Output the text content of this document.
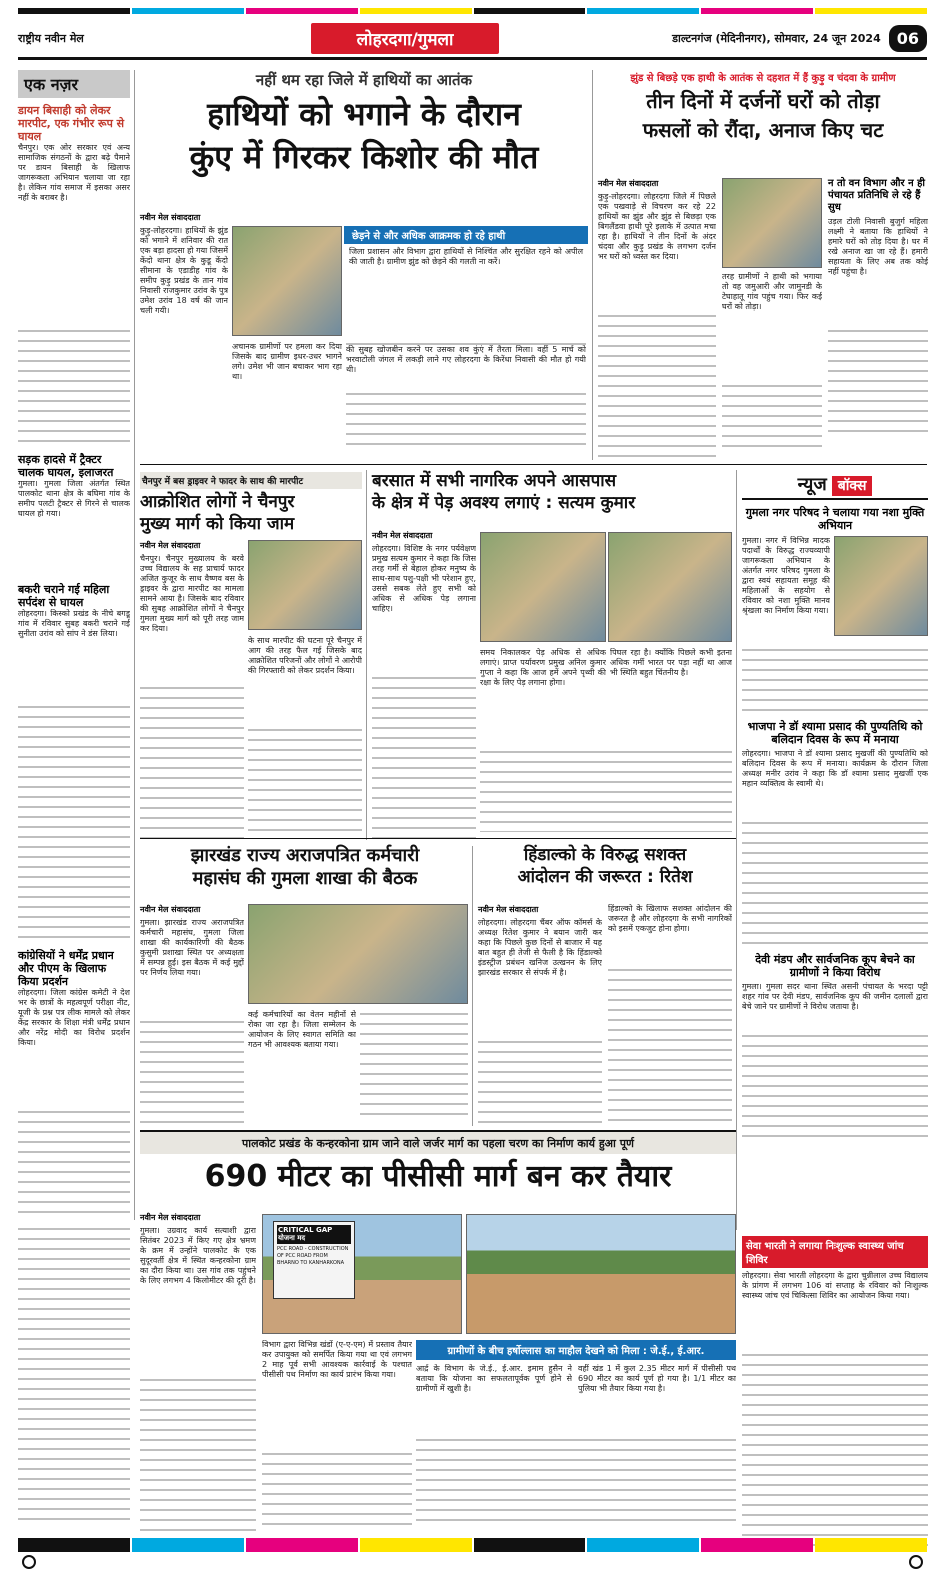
राष्ट्रीय नवीन मेल	लोहरदगा/गुमला	डाल्टनगंज (मेदिनीनगर), सोमवार, 24 जून 2024	06
एक नज़र
डायन बिसाही को लेकर मारपीट, एक गंभीर रूप से घायल
चैनपुर। एक ओर सरकार एवं अन्य सामाजिक संगठनों के द्वारा बढ़े पैमाने पर डायन बिसाही के खिलाफ जागरूकता अभियान चलाया जा रहा है। लेकिन गांव समाज में इसका असर नहीं के बराबर है।
सड़क हादसे में ट्रैक्टर चालक घायल, इलाजरत
गुमला। गुमला जिला अंतर्गत स्थित पालकोट थाना क्षेत्र के बघिमा गांव के समीप पलटी ट्रैक्टर से गिरने से चालक घायल हो गया।
बकरी चराने गई महिला सर्पदंश से घायल
लोहरदगा। किस्को प्रखंड के नीचे बगडू गांव में रविवार सुबह बकरी चराने गई सुनीता उरांव को सांप ने डंस लिया।
कांग्रेसियों ने धर्मेंद्र प्रधान और पीएम के खिलाफ किया प्रदर्शन
लोहरदगा। जिला कांग्रेस कमेटी ने देश भर के छात्रों के महत्वपूर्ण परीक्षा नीट, यूजी के प्रश्न पत्र लीक मामले को लेकर केंद्र सरकार के शिक्षा मंत्री धर्मेंद्र प्रधान और नरेंद्र मोदी का विरोध प्रदर्शन किया।
नहीं थम रहा जिले में हाथियों का आतंक
हाथियों को भगाने के दौरान
कुंए में गिरकर किशोर की मौत
नवीन मेल संवाददाता
कुड़ु-लोहरदगा। हाथियों के झुंड को भगाने में शनिवार की रात एक बड़ा हादसा हो गया जिसमें केंदो थाना क्षेत्र के कुडू केंदो सीमाना के एडाडीह गांव के समीप कुड़ु प्रखंड के तान गांव निवासी राजकुमार उरांव के पुत्र उमेश उरांव 18 वर्ष की जान चली गयी।
छेड़ने से और अधिक आक्रमक हो रहे हाथी
जिला प्रशासन और विभाग द्वारा हाथियों से निश्चिंत और सुरक्षित रहने को अपील की जाती है। ग्रामीण झुंड को छेड़ने की गलती ना करें।
अचानक ग्रामीणों पर हमला कर दिया जिसके बाद ग्रामीण इधर-उधर भागने लगे। उमेश भी जान बचाकर भाग रहा था।
की सुबह खोजबीन करने पर उसका शव कुंएं में तैरता मिला। वहीं 5 मार्च को भरवाटोली जंगल में लकड़ी लाने गए लोहरदगा के किरेंधा निवासी की मौत हो गयी थी।
झुंड से बिछड़े एक हाथी के आतंक से दहशत में हैं कुड़ु व चंदवा के ग्रामीण
तीन दिनों में दर्जनों घरों को तोड़ा
फसलों को रौंदा, अनाज किए चट
नवीन मेल संवाददाता
कुड़ु-लोहरदगा। लोहरदगा जिले में पिछले एक पखवाड़े से विचरण कर रहे 22 हाथियों का झुंड और झुंड से बिछड़ा एक बिगलैंडवा हाथी पूरे इलाके में उत्पात मचा रहा है। हाथियों ने तीन दिनों के अंदर चंदवा और कुड़ु प्रखंड के लगभग दर्जन भर घरों को ध्वस्त कर दिया।
तरह ग्रामीणों ने हाथी को भगाया तो वह जमुआरी और जामुनडी के टेघाहातू गांव पहुंच गया। फिर कई घरों को तोड़ा।
न तो वन विभाग और न ही पंचायत प्रतिनिधि ले रहे हैं सुध
उड़ल टोली निवासी बुजुर्ग महिला लक्ष्मी ने बताया कि हाथियों ने हमारे घरों को तोड़ दिया है। घर में रखे अनाज खा जा रहे हैं। हमारी सहायता के लिए अब तक कोई नहीं पहुंचा है।
चैनपुर में बस ड्राइवर ने फादर के साथ की मारपीट
आक्रोशित लोगों ने चैनपुर
मुख्य मार्ग को किया जाम
नवीन मेल संवाददाता
चैनपुर। चैनपुर मुख्यालय के बरवे उच्च विद्यालय के सह प्राचार्य फादर अजित कुजूर के साथ वैष्णव बस के ड्राइवर के द्वारा मारपीट का मामला सामने आया है। जिसके बाद रविवार की सुबह आक्रोशित लोगों ने चैनपुर गुमला मुख्य मार्ग को पूरी तरह जाम कर दिया।
के साथ मारपीट की घटना पूरे चैनपुर में आग की तरह फैल गई जिसके बाद आक्रोशित परिजनों और लोगों ने आरोपी की गिरफ्तारी को लेकर प्रदर्शन किया।
बरसात में सभी नागरिक अपने आसपास
के क्षेत्र में पेड़ अवश्य लगाएं : सत्यम कुमार
नवीन मेल संवाददाता
लोहरदगा। विशिष्ट के नगर पर्यवेक्षण प्रमुख सत्यम कुमार ने कहा कि जिस तरह गर्मी से बेहाल होकर मनुष्य के साथ-साथ पशु-पक्षी भी परेशान हुए, उससे सबक लेते हुए सभी को अधिक से अधिक पेड़ लगाना चाहिए।
समय निकालकर पेड़ अधिक से अधिक लगाएं। प्राप्त पर्यावरण प्रमुख अनिल कुमार गुप्ता ने कहा कि आज हमें अपने पृथ्वी की रक्षा के लिए पेड़ लगाना होगा।
पिघल रहा है। क्योंकि पिछले कभी इतना अधिक गर्मी भारत पर पड़ा नहीं था आज भी स्थिति बहुत चिंतनीय है।
न्यूज बॉक्स
गुमला नगर परिषद ने चलाया गया नशा मुक्ति अभियान
गुमला। नगर में विभिन्न मादक पदार्थों के विरुद्ध राज्यव्यापी जागरूकता अभियान के अंतर्गत नगर परिषद गुमला के द्वारा स्वयं सहायता समूह की महिलाओं के सहयोग से रविवार को नशा मुक्ति मानव श्रृंखला का निर्माण किया गया।
भाजपा ने डॉ श्यामा प्रसाद की पुण्यतिथि को बलिदान दिवस के रूप में मनाया
लोहरदगा। भाजपा ने डॉ श्यामा प्रसाद मुखर्जी की पुण्यतिथि को बलिदान दिवस के रूप में मनाया। कार्यक्रम के दौरान जिला अध्यक्ष मनीर उरांव ने कहा कि डॉ श्यामा प्रसाद मुखर्जी एक महान व्यक्तित्व के स्वामी थे।
देवी मंडप और सार्वजनिक कूप बेचने का ग्रामीणों ने किया विरोध
गुमला। गुमला सदर थाना स्थित असनी पंचायत के भरदा पट्टी शहर गांव पर देवी मंडप, सार्वजनिक कूप की जमीन दलालों द्वारा बेचे जाने पर ग्रामीणों ने विरोध जताया है।
झारखंड राज्य अराजपत्रित कर्मचारी
महासंघ की गुमला शाखा की बैठक
नवीन मेल संवाददाता
गुमला। झारखंड राज्य अराजपत्रित कर्मचारी महासंघ, गुमला जिला शाखा की कार्यकारिणी की बैठक कुसुमी प्रशाखा स्थित पर अध्यक्षता में सम्पन्न हुई। इस बैठक में कई मुद्दों पर निर्णय लिया गया।
कई कर्मचारियों का वेतन महीनों से रोका जा रहा है। जिला सम्मेलन के आयोजन के लिए स्वागत समिति का गठन भी आवश्यक बताया गया।
हिंडाल्को के विरुद्ध सशक्त
आंदोलन की जरूरत : रितेश
नवीन मेल संवाददाता
लोहरदगा। लोहरदगा चैंबर ऑफ कॉमर्स के अध्यक्ष रितेश कुमार ने बयान जारी कर कहा कि पिछले कुछ दिनों से बाजार में यह बात बहुत ही तेजी से फैली है कि हिंडाल्को इंडस्ट्रीज प्रबंधन खनिज उत्खनन के लिए झारखंड सरकार से संपर्क में है।
हिंडाल्को के खिलाफ सशक्त आंदोलन की जरूरत है और लोहरदगा के सभी नागरिकों को इसमें एकजुट होना होगा।
पालकोट प्रखंड के कन्हरकोना ग्राम जाने वाले जर्जर मार्ग का पहला चरण का निर्माण कार्य हुआ पूर्ण
690 मीटर का पीसीसी मार्ग बन कर तैयार
नवीन मेल संवाददाता
गुमला। उग्रवाद कार्य सत्याशी द्वारा सितंबर 2023 में किए गए क्षेत्र भ्रमण के क्रम में उन्होंने पालकोट के एक सुदूरवर्ती क्षेत्र में स्थित कन्हरकोना ग्राम का दौरा किया था। उस गांव तक पहुंचने के लिए लगभग 4 किलोमीटर की दूरी है।
CRITICAL GAP योजना मद
PCC ROAD - CONSTRUCTION OF PCC ROAD FROM BHARNO TO KANHARKONA
विभाग द्वारा विभिन्न खंडों (ए-ए-एम) में प्रस्ताव तैयार कर उपायुक्त को समर्पित किया गया था एवं लगभग 2 माह पूर्व सभी आवश्यक कार्रवाई के पश्चात पीसीसी पथ निर्माण का कार्य प्रारंभ किया गया।
ग्रामीणों के बीच हर्षोल्लास का माहौल देखने को मिला : जे.ई., ई.आर.
आर्द्र के विभाग के जे.ई., ई.आर. इमाम हुसैन ने बताया कि योजना का सफलतापूर्वक पूर्ण होने से ग्रामीणों में खुशी है।
वहीं खंड 1 में कुल 2.35 मीटर मार्ग में पीसीसी पथ 690 मीटर का कार्य पूर्ण हो गया है। 1/1 मीटर का पुलिया भी तैयार किया गया है।
सेवा भारती ने लगाया निःशुल्क स्वास्थ्य जांच शिविर
लोहरदगा। सेवा भारती लोहरदगा के द्वारा चुन्नीलाल उच्च विद्यालय के प्रांगण में लगभग 106 वां सप्ताह के रविवार को निःशुल्क स्वास्थ्य जांच एवं चिकित्सा शिविर का आयोजन किया गया।
